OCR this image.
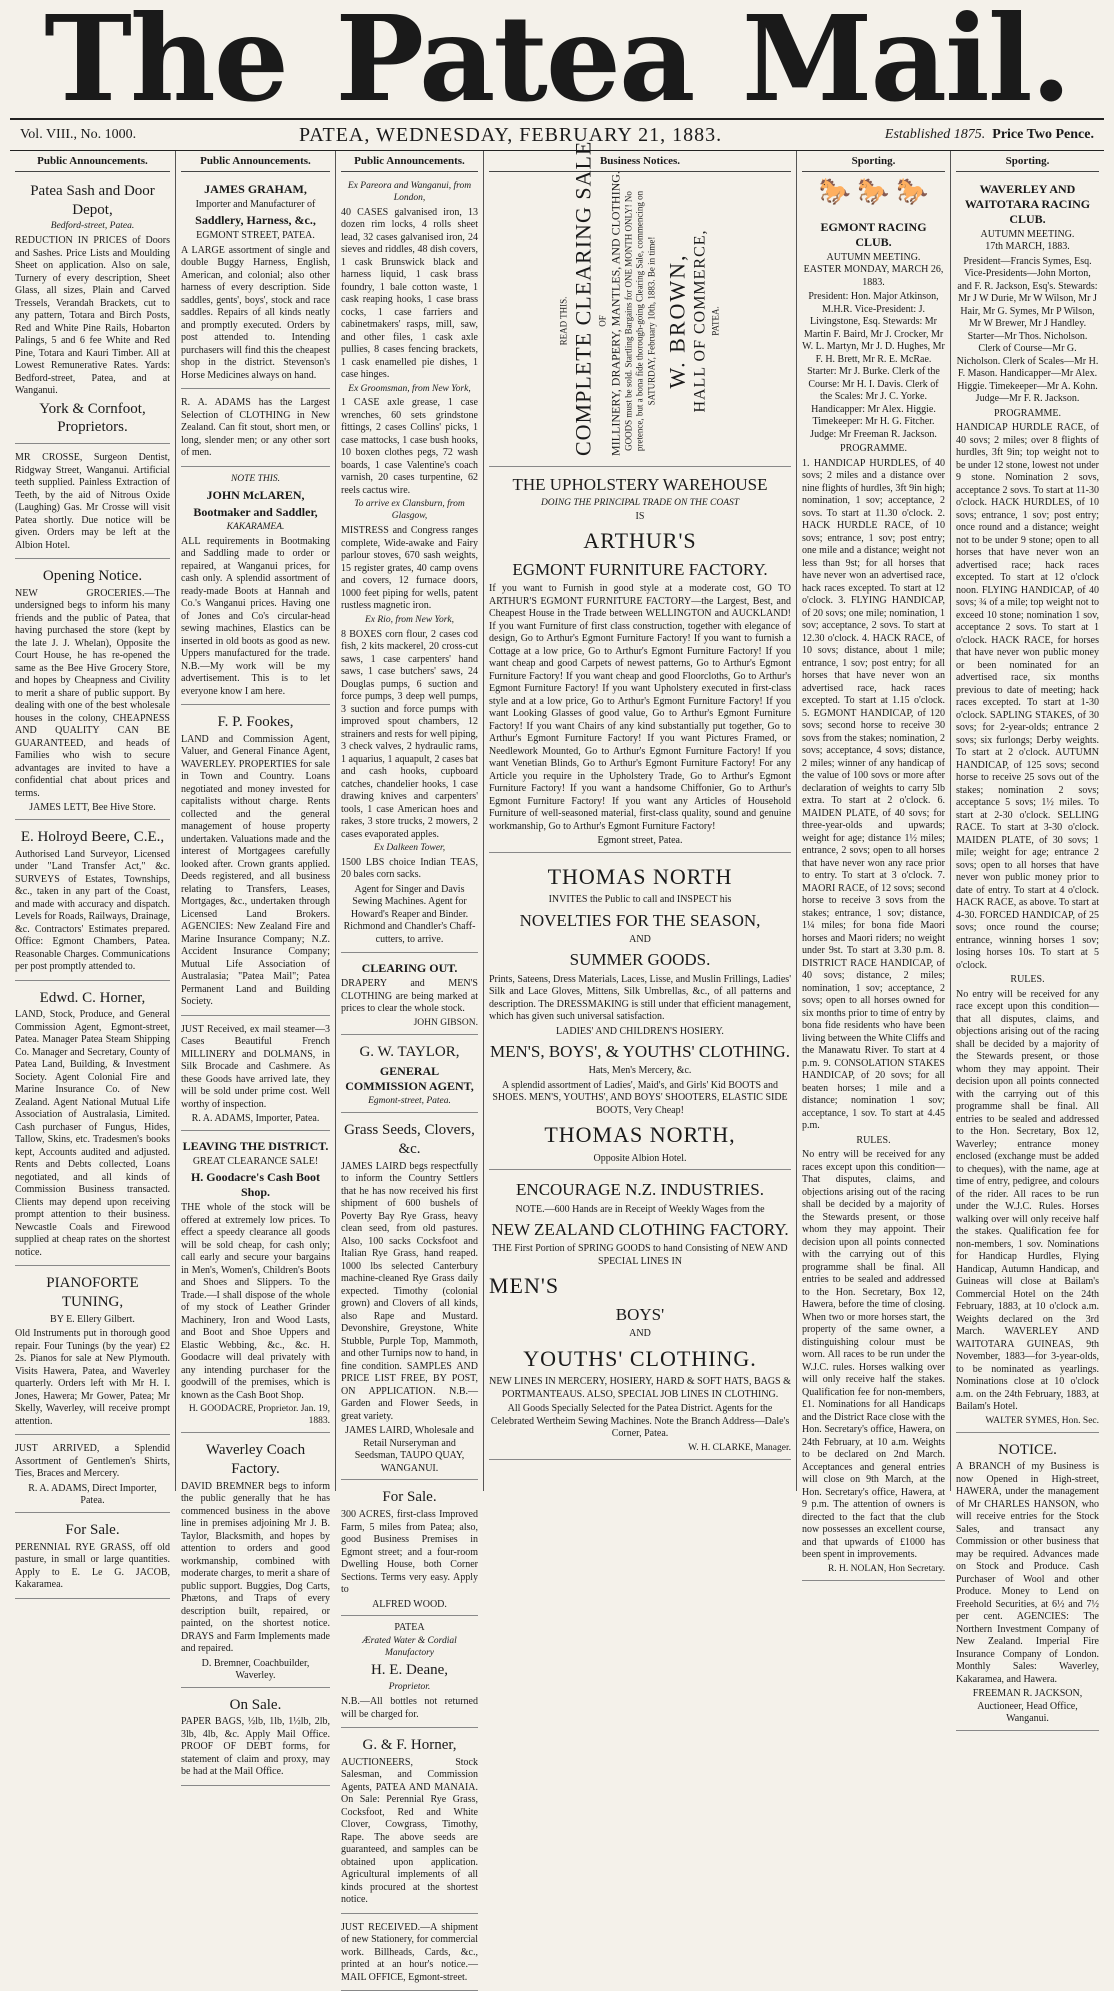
The Patea Mail.
Vol. VIII., No. 1000.	PATEA, WEDNESDAY, FEBRUARY 21, 1883.	Established 1875. Price Two Pence.
Public Announcements.
Patea Sash and Door Depot,
Bedford-street, Patea.

REDUCTION IN PRICES of Doors and Sashes. Price Lists and Moulding Sheet on application. Also on sale, Turnery of every description, Sheet Glass, all sizes, Plain and Carved Tressels, Verandah Brackets, cut to any pattern, Totara and Birch Posts, Red and White Pine Rails, Hobarton Palings, 5 and 6 fee White and Red Pine, Totara and Kauri Timber. All at Lowest Remunerative Rates. Yards: Bedford-street, Patea, and at Wanganui.

York & Cornfoot, Proprietors.

MR CROSSE, Surgeon Dentist, Ridgway Street, Wanganui. Artificial teeth supplied. Painless Extraction of Teeth, by the aid of Nitrous Oxide (Laughing) Gas. Mr Crosse will visit Patea shortly. Due notice will be given. Orders may be left at the Albion Hotel.

Opening Notice.

NEW GROCERIES.—The undersigned begs to inform his many friends and the public of Patea, that having purchased the store (kept by the late J. J. Whelan), Opposite the Court House, he has re-opened the same as the Bee Hive Grocery Store, and hopes by Cheapness and Civility to merit a share of public support. By dealing with one of the best wholesale houses in the colony, CHEAPNESS AND QUALITY CAN BE GUARANTEED, and heads of Families who wish to secure advantages are invited to have a confidential chat about prices and terms.

JAMES LETT, Bee Hive Store.
E. Holroyd Beere, C.E.,

Authorised Land Surveyor, Licensed under "Land Transfer Act," &c. SURVEYS of Estates, Townships, &c., taken in any part of the Coast, and made with accuracy and dispatch. Levels for Roads, Railways, Drainage, &c. Contractors' Estimates prepared. Office: Egmont Chambers, Patea. Reasonable Charges. Communications per post promptly attended to.

Edwd. C. Horner,

LAND, Stock, Produce, and General Commission Agent, Egmont-street, Patea. Manager Patea Steam Shipping Co. Manager and Secretary, County of Patea Land, Building, & Investment Society. Agent Colonial Fire and Marine Insurance Co. of New Zealand. Agent National Mutual Life Association of Australasia, Limited. Cash purchaser of Fungus, Hides, Tallow, Skins, etc. Tradesmen's books kept, Accounts audited and adjusted. Rents and Debts collected, Loans negotiated, and all kinds of Commission Business transacted. Clients may depend upon receiving prompt attention to their business. Newcastle Coals and Firewood supplied at cheap rates on the shortest notice.

PIANOFORTE TUNING,
BY E. Ellery Gilbert.

Old Instruments put in thorough good repair. Four Tunings (by the year) £2 2s. Pianos for sale at New Plymouth. Visits Hawera, Patea, and Waverley quarterly. Orders left with Mr H. I. Jones, Hawera; Mr Gower, Patea; Mr Skelly, Waverley, will receive prompt attention.

JUST ARRIVED, a Splendid Assortment of Gentlemen's Shirts, Ties, Braces and Mercery.

R. A. ADAMS, Direct Importer, Patea.
For Sale.

PERENNIAL RYE GRASS, off old pasture, in small or large quantities. Apply to E. Le G. JACOB, Kakaramea.

Public Announcements.
JAMES GRAHAM,
Importer and Manufacturer of
Saddlery, Harness, &c.,
EGMONT STREET, PATEA.

A LARGE assortment of single and double Buggy Harness, English, American, and colonial; also other harness of every description. Side saddles, gents', boys', stock and race saddles. Repairs of all kinds neatly and promptly executed. Orders by post attended to. Intending purchasers will find this the cheapest shop in the district. Stevenson's Horse Medicines always on hand.

R. A. ADAMS has the Largest Selection of CLOTHING in New Zealand. Can fit stout, short men, or long, slender men; or any other sort of men.

NOTE THIS.
JOHN McLAREN,
Bootmaker and Saddler,
KAKARAMEA.

ALL requirements in Bootmaking and Saddling made to order or repaired, at Wanganui prices, for cash only. A splendid assortment of ready-made Boots at Hannah and Co.'s Wanganui prices. Having one of Jones and Co's circular-head sewing machines, Elastics can be inserted in old boots as good as new. Uppers manufactured for the trade. N.B.—My work will be my advertisement. This is to let everyone know I am here.

F. P. Fookes,

LAND and Commission Agent, Valuer, and General Finance Agent, WAVERLEY. PROPERTIES for sale in Town and Country. Loans negotiated and money invested for capitalists without charge. Rents collected and the general management of house property undertaken. Valuations made and the interest of Mortgagees carefully looked after. Crown grants applied. Deeds registered, and all business relating to Transfers, Leases, Mortgages, &c., undertaken through Licensed Land Brokers. AGENCIES: New Zealand Fire and Marine Insurance Company; N.Z. Accident Insurance Company; Mutual Life Association of Australasia; "Patea Mail"; Patea Permanent Land and Building Society.

JUST Received, ex mail steamer—3 Cases Beautiful French MILLINERY and DOLMANS, in Silk Brocade and Cashmere. As these Goods have arrived late, they will be sold under prime cost. Well worthy of inspection.

R. A. ADAMS, Importer, Patea.
LEAVING THE DISTRICT.
GREAT CLEARANCE SALE!
H. Goodacre's Cash Boot Shop.

THE whole of the stock will be offered at extremely low prices. To effect a speedy clearance all goods will be sold cheap, for cash only; call early and secure your bargains in Men's, Women's, Children's Boots and Shoes and Slippers. To the Trade.—I shall dispose of the whole of my stock of Leather Grinder Machinery, Iron and Wood Lasts, and Boot and Shoe Uppers and Elastic Webbing, &c., &c. H. Goodacre will deal privately with any intending purchaser for the goodwill of the premises, which is known as the Cash Boot Shop.

H. GOODACRE, Proprietor. Jan. 19, 1883.
Waverley Coach Factory.

DAVID BREMNER begs to inform the public generally that he has commenced business in the above line in premises adjoining Mr J. B. Taylor, Blacksmith, and hopes by attention to orders and good workmanship, combined with moderate charges, to merit a share of public support. Buggies, Dog Carts, Phætons, and Traps of every description built, repaired, or painted, on the shortest notice. DRAYS and Farm Implements made and repaired.

D. Bremner, Coachbuilder, Waverley.
On Sale.

PAPER BAGS, ½lb, 1lb, 1½lb, 2lb, 3lb, 4lb, &c. Apply Mail Office. PROOF OF DEBT forms, for statement of claim and proxy, may be had at the Mail Office.

Public Announcements.
Ex Pareora and Wanganui, from London,

40 CASES galvanised iron, 13 dozen rim locks, 4 rolls sheet lead, 32 cases galvanised iron, 24 sieves and riddles, 48 dish covers, 1 cask Brunswick black and harness liquid, 1 cask brass foundry, 1 bale cotton waste, 1 cask reaping hooks, 1 case brass cocks, 1 case farriers and cabinetmakers' rasps, mill, saw, and other files, 1 cask axle pullies, 8 cases fencing brackets, 1 cask enamelled pie dishes, 1 case hinges.

Ex Groomsman, from New York,

1 CASE axle grease, 1 case wrenches, 60 sets grindstone fittings, 2 cases Collins' picks, 1 case mattocks, 1 case bush hooks, 10 boxen clothes pegs, 72 wash boards, 1 case Valentine's coach varnish, 20 cases turpentine, 62 reels cactus wire.

To arrive ex Clansburn, from Glasgow,

MISTRESS and Congress ranges complete, Wide-awake and Fairy parlour stoves, 670 sash weights, 15 register grates, 40 camp ovens and covers, 12 furnace doors, 1000 feet piping for wells, patent rustless magnetic iron.

Ex Rio, from New York,

8 BOXES corn flour, 2 cases cod fish, 2 kits mackerel, 20 cross-cut saws, 1 case carpenters' hand saws, 1 case butchers' saws, 24 Douglas pumps, 6 suction and force pumps, 3 deep well pumps, 3 suction and force pumps with improved spout chambers, 12 strainers and rests for well piping, 3 check valves, 2 hydraulic rams, 1 aquarius, 1 aquapult, 2 cases bat and cash hooks, cupboard catches, chandelier hooks, 1 case drawing knives and carpenters' tools, 1 case American hoes and rakes, 3 store trucks, 2 mowers, 2 cases evaporated apples.

Ex Dalkeen Tower,

1500 LBS choice Indian TEAS, 20 bales corn sacks.

Agent for Singer and Davis Sewing Machines. Agent for Howard's Reaper and Binder. Richmond and Chandler's Chaff-cutters, to arrive.

CLEARING OUT.

DRAPERY and MEN'S CLOTHING are being marked at prices to clear the whole stock.

JOHN GIBSON.
G. W. TAYLOR,
GENERAL COMMISSION AGENT,
Egmont-street, Patea.
Grass Seeds, Clovers, &c.

JAMES LAIRD begs respectfully to inform the Country Settlers that he has now received his first shipment of 600 bushels of Poverty Bay Rye Grass, heavy clean seed, from old pastures. Also, 100 sacks Cocksfoot and Italian Rye Grass, hand reaped. 1000 lbs selected Canterbury machine-cleaned Rye Grass daily expected. Timothy (colonial grown) and Clovers of all kinds, also Rape and Mustard. Devonshire, Greystone, White Stubble, Purple Top, Mammoth, and other Turnips now to hand, in fine condition. SAMPLES AND PRICE LIST FREE, BY POST, ON APPLICATION. N.B.—Garden and Flower Seeds, in great variety.

JAMES LAIRD, Wholesale and Retail Nurseryman and Seedsman, TAUPO QUAY, WANGANUI.
For Sale.

300 ACRES, first-class Improved Farm, 5 miles from Patea; also, good Business Premises in Egmont street; and a four-room Dwelling House, both Corner Sections. Terms very easy. Apply to

ALFRED WOOD.
PATEA
Ærated Water & Cordial Manufactory
H. E. Deane,
Proprietor.

N.B.—All bottles not returned will be charged for.

G. & F. Horner,

AUCTIONEERS, Stock Salesman, and Commission Agents, PATEA AND MANAIA. On Sale: Perennial Rye Grass, Cocksfoot, Red and White Clover, Cowgrass, Timothy, Rape. The above seeds are guaranteed, and samples can be obtained upon application. Agricultural implements of all kinds procured at the shortest notice.

JUST RECEIVED.—A shipment of new Stationery, for commercial work. Billheads, Cards, &c., printed at an hour's notice.—MAIL OFFICE, Egmont-street.

Business Notices.
READ THIS. COMPLETE CLEARING SALE OF MILLINERY, DRAPERY, MANTLES, AND CLOTHING. GOODS must be sold. Startling Bargains for ONE MONTH ONLY! No pretence, but a bona fide thorough-going Clearing Sale, commencing on SATURDAY, February 10th, 1883. Be in time! W. BROWN, HALL OF COMMERCE, PATEA.
THE UPHOLSTERY WAREHOUSE
DOING THE PRINCIPAL TRADE ON THE COAST
IS
ARTHUR'S
EGMONT FURNITURE FACTORY.

If you want to Furnish in good style at a moderate cost, GO TO ARTHUR'S EGMONT FURNITURE FACTORY—the Largest, Best, and Cheapest House in the Trade between WELLINGTON and AUCKLAND! If you want Furniture of first class construction, together with elegance of design, Go to Arthur's Egmont Furniture Factory! If you want to furnish a Cottage at a low price, Go to Arthur's Egmont Furniture Factory! If you want cheap and good Carpets of newest patterns, Go to Arthur's Egmont Furniture Factory! If you want cheap and good Floorcloths, Go to Arthur's Egmont Furniture Factory! If you want Upholstery executed in first-class style and at a low price, Go to Arthur's Egmont Furniture Factory! If you want Looking Glasses of good value, Go to Arthur's Egmont Furniture Factory! If you want Chairs of any kind substantially put together, Go to Arthur's Egmont Furniture Factory! If you want Pictures Framed, or Needlework Mounted, Go to Arthur's Egmont Furniture Factory! If you want Venetian Blinds, Go to Arthur's Egmont Furniture Factory! For any Article you require in the Upholstery Trade, Go to Arthur's Egmont Furniture Factory! If you want a handsome Chiffonier, Go to Arthur's Egmont Furniture Factory! If you want any Articles of Household Furniture of well-seasoned material, first-class quality, sound and genuine workmanship, Go to Arthur's Egmont Furniture Factory!

Egmont street, Patea.
THOMAS NORTH
INVITES the Public to call and INSPECT his
NOVELTIES FOR THE SEASON,
AND
SUMMER GOODS.

Prints, Sateens, Dress Materials, Laces, Lisse, and Muslin Frillings, Ladies' Silk and Lace Gloves, Mittens, Silk Umbrellas, &c., of all patterns and description. The DRESSMAKING is still under that efficient management, which has given such universal satisfaction.

LADIES' AND CHILDREN'S HOSIERY.
MEN'S, BOYS', & YOUTHS' CLOTHING.
Hats, Men's Mercery, &c.

A splendid assortment of Ladies', Maid's, and Girls' Kid BOOTS and SHOES. MEN'S, YOUTHS', AND BOYS' SHOOTERS, ELASTIC SIDE BOOTS, Very Cheap!

THOMAS NORTH,
Opposite Albion Hotel.
ENCOURAGE N.Z. INDUSTRIES.
NOTE.—600 Hands are in Receipt of Weekly Wages from the
NEW ZEALAND CLOTHING FACTORY.

THE First Portion of SPRING GOODS to hand Consisting of NEW AND SPECIAL LINES IN

MEN'S
BOYS'
AND
YOUTHS' CLOTHING.

NEW LINES IN MERCERY, HOSIERY, HARD & SOFT HATS, BAGS & PORTMANTEAUS. ALSO, SPECIAL JOB LINES IN CLOTHING.

All Goods Specially Selected for the Patea District. Agents for the Celebrated Wertheim Sewing Machines. Note the Branch Address—Dale's Corner, Patea.

W. H. CLARKE, Manager.
Sporting.
🐎 🐎 🐎
EGMONT RACING CLUB.
AUTUMN MEETING.
EASTER MONDAY, MARCH 26, 1883.

President: Hon. Major Atkinson, M.H.R. Vice-President: J. Livingstone, Esq. Stewards: Mr Martin F. Baird, Mr J. Crocker, Mr W. L. Martyn, Mr J. D. Hughes, Mr F. H. Brett, Mr R. E. McRae. Starter: Mr J. Burke. Clerk of the Course: Mr H. I. Davis. Clerk of the Scales: Mr J. C. Yorke. Handicapper: Mr Alex. Higgie. Timekeeper: Mr H. G. Fitcher. Judge: Mr Freeman R. Jackson.

PROGRAMME.

1. HANDICAP HURDLES, of 40 sovs; 2 miles and a distance over nine flights of hurdles, 3ft 9in high; nomination, 1 sov; acceptance, 2 sovs. To start at 11.30 o'clock. 2. HACK HURDLE RACE, of 10 sovs; entrance, 1 sov; post entry; one mile and a distance; weight not less than 9st; for all horses that have never won an advertised race, hack races excepted. To start at 12 o'clock. 3. FLYING HANDICAP, of 20 sovs; one mile; nomination, 1 sov; acceptance, 2 sovs. To start at 12.30 o'clock. 4. HACK RACE, of 10 sovs; distance, about 1 mile; entrance, 1 sov; post entry; for all horses that have never won an advertised race, hack races excepted. To start at 1.15 o'clock. 5. EGMONT HANDICAP, of 120 sovs; second horse to receive 30 sovs from the stakes; nomination, 2 sovs; acceptance, 4 sovs; distance, 2 miles; winner of any handicap of the value of 100 sovs or more after declaration of weights to carry 5lb extra. To start at 2 o'clock. 6. MAIDEN PLATE, of 40 sovs; for three-year-olds and upwards; weight for age; distance 1½ miles; entrance, 2 sovs; open to all horses that have never won any race prior to entry. To start at 3 o'clock. 7. MAORI RACE, of 12 sovs; second horse to receive 3 sovs from the stakes; entrance, 1 sov; distance, 1¼ miles; for bona fide Maori horses and Maori riders; no weight under 9st. To start at 3.30 p.m. 8. DISTRICT RACE HANDICAP, of 40 sovs; distance, 2 miles; nomination, 1 sov; acceptance, 2 sovs; open to all horses owned for six months prior to time of entry by bona fide residents who have been living between the White Cliffs and the Manawatu River. To start at 4 p.m. 9. CONSOLATION STAKES HANDICAP, of 20 sovs; for all beaten horses; 1 mile and a distance; nomination 1 sov; acceptance, 1 sov. To start at 4.45 p.m.

RULES.

No entry will be received for any races except upon this condition—That disputes, claims, and objections arising out of the racing shall be decided by a majority of the Stewards present, or those whom they may appoint. Their decision upon all points connected with the carrying out of this programme shall be final. All entries to be sealed and addressed to the Hon. Secretary, Box 12, Hawera, before the time of closing. When two or more horses start, the property of the same owner, a distinguishing colour must be worn. All races to be run under the W.J.C. rules. Horses walking over will only receive half the stakes. Qualification fee for non-members, £1. Nominations for all Handicaps and the District Race close with the Hon. Secretary's office, Hawera, on 24th February, at 10 a.m. Weights to be declared on 2nd March. Acceptances and general entries will close on 9th March, at the Hon. Secretary's office, Hawera, at 9 p.m. The attention of owners is directed to the fact that the club now possesses an excellent course, and that upwards of £1000 has been spent in improvements.

R. H. NOLAN, Hon Secretary.
Sporting.
WAVERLEY AND WAITOTARA RACING CLUB.
AUTUMN MEETING.
17th MARCH, 1883.

President—Francis Symes, Esq. Vice-Presidents—John Morton, and F. R. Jackson, Esq's. Stewards: Mr J W Durie, Mr W Wilson, Mr J Hair, Mr G. Symes, Mr P Wilson, Mr W Brewer, Mr J Handley. Starter—Mr Thos. Nicholson. Clerk of Course—Mr G. Nicholson. Clerk of Scales—Mr H. F. Mason. Handicapper—Mr Alex. Higgie. Timekeeper—Mr A. Kohn. Judge—Mr F. R. Jackson.

PROGRAMME.

HANDICAP HURDLE RACE, of 40 sovs; 2 miles; over 8 flights of hurdles, 3ft 9in; top weight not to be under 12 stone, lowest not under 9 stone. Nomination 2 sovs, acceptance 2 sovs. To start at 11-30 o'clock. HACK HURDLES, of 10 sovs; entrance, 1 sov; post entry; once round and a distance; weight not to be under 9 stone; open to all horses that have never won an advertised race; hack races excepted. To start at 12 o'clock noon. FLYING HANDICAP, of 40 sovs; ¾ of a mile; top weight not to exceed 10 stone; nomination 1 sov, acceptance 2 sovs. To start at 1 o'clock. HACK RACE, for horses that have never won public money or been nominated for an advertised race, six months previous to date of meeting; hack races excepted. To start at 1-30 o'clock. SAPLING STAKES, of 30 sovs; for 2-year-olds; entrance 2 sovs; six furlongs; Derby weights. To start at 2 o'clock. AUTUMN HANDICAP, of 125 sovs; second horse to receive 25 sovs out of the stakes; nomination 2 sovs; acceptance 5 sovs; 1½ miles. To start at 2-30 o'clock. SELLING RACE. To start at 3-30 o'clock. MAIDEN PLATE, of 30 sovs; 1 mile; weight for age; entrance 2 sovs; open to all horses that have never won public money prior to date of entry. To start at 4 o'clock. HACK RACE, as above. To start at 4-30. FORCED HANDICAP, of 25 sovs; once round the course; entrance, winning horses 1 sov; losing horses 10s. To start at 5 o'clock.

RULES.

No entry will be received for any race except upon this condition—that all disputes, claims, and objections arising out of the racing shall be decided by a majority of the Stewards present, or those whom they may appoint. Their decision upon all points connected with the carrying out of this programme shall be final. All entries to be sealed and addressed to the Hon. Secretary, Box 12, Waverley; entrance money enclosed (exchange must be added to cheques), with the name, age at time of entry, pedigree, and colours of the rider. All races to be run under the W.J.C. Rules. Horses walking over will only receive half the stakes. Qualification fee for non-members, 1 sov. Nominations for Handicap Hurdles, Flying Handicap, Autumn Handicap, and Guineas will close at Bailam's Commercial Hotel on the 24th February, 1883, at 10 o'clock a.m. Weights declared on the 3rd March. WAVERLEY AND WAITOTARA GUINEAS, 9th November, 1883—for 3-year-olds, to be nominated as yearlings. Nominations close at 10 o'clock a.m. on the 24th February, 1883, at Bailam's Hotel.

WALTER SYMES, Hon. Sec.
NOTICE.

A BRANCH of my Business is now Opened in High-street, HAWERA, under the management of Mr CHARLES HANSON, who will receive entries for the Stock Sales, and transact any Commission or other business that may be required. Advances made on Stock and Produce. Cash Purchaser of Wool and other Produce. Money to Lend on Freehold Securities, at 6½ and 7½ per cent. AGENCIES: The Northern Investment Company of New Zealand. Imperial Fire Insurance Company of London. Monthly Sales: Waverley, Kakaramea, and Hawera.

FREEMAN R. JACKSON, Auctioneer, Head Office, Wanganui.
